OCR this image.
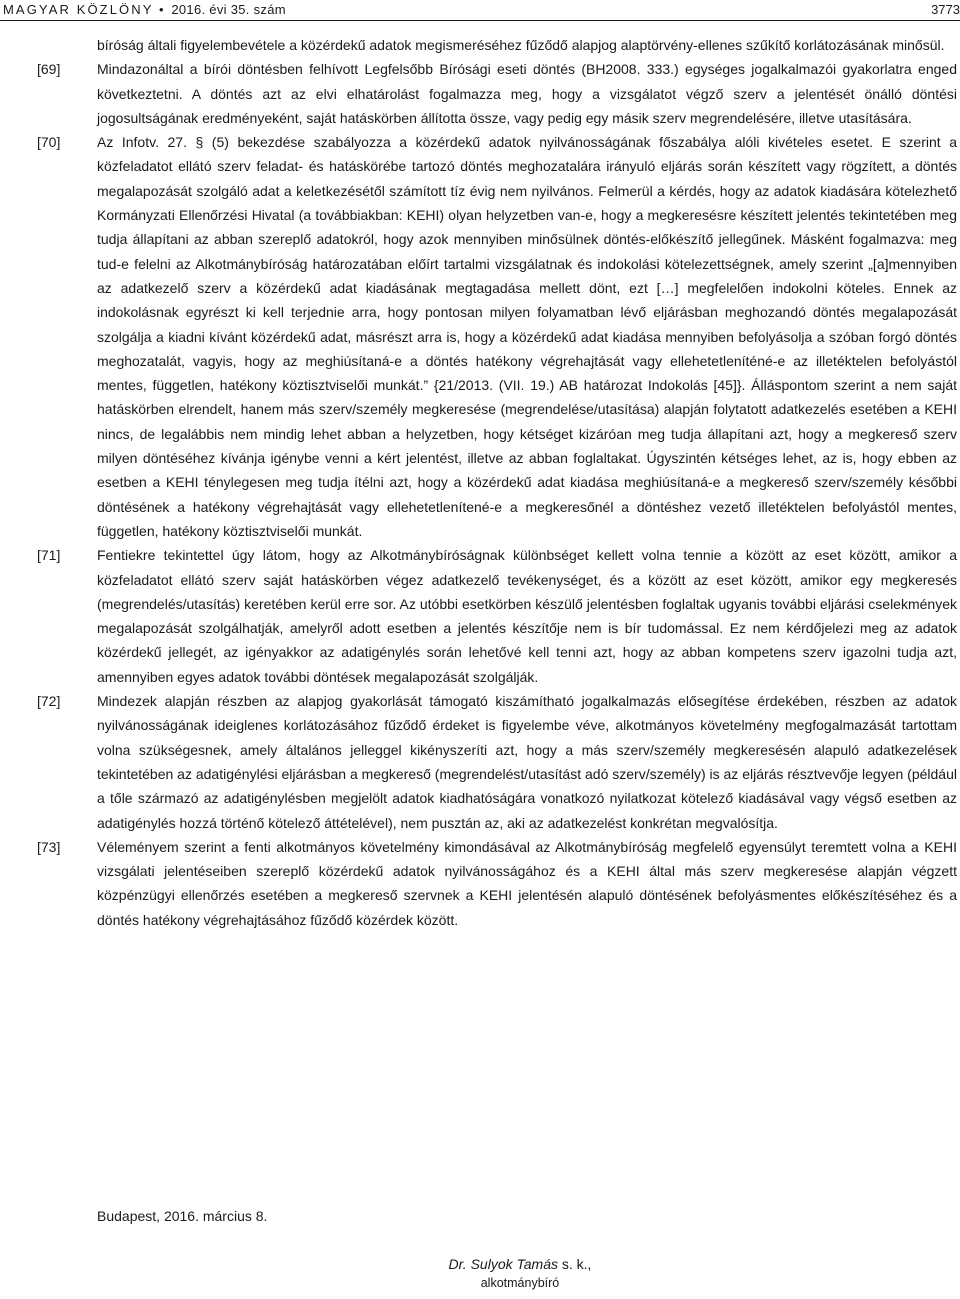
MAGYAR KÖZLÖNY • 2016. évi 35. szám	3773
bíróság általi figyelembevétele a közérdekű adatok megismeréséhez fűződő alapjog alaptörvény-ellenes szűkítő korlátozásának minősül.
[69]	Mindazonáltal a bírói döntésben felhívott Legfelsőbb Bírósági eseti döntés (BH2008. 333.) egységes jogalkalmazói gyakorlatra enged következtetni. A döntés azt az elvi elhatárolást fogalmazza meg, hogy a vizsgálatot végző szerv a jelentését önálló döntési jogosultságának eredményeként, saját hatáskörben állította össze, vagy pedig egy másik szerv megrendelésére, illetve utasítására.
[70]	Az Infotv. 27. § (5) bekezdése szabályozza a közérdekű adatok nyilvánosságának főszabálya alóli kivételes esetet. E szerint a közfeladatot ellátó szerv feladat- és hatáskörébe tartozó döntés meghozatalára irányuló eljárás során készített vagy rögzített, a döntés megalapozását szolgáló adat a keletkezésétől számított tíz évig nem nyilvános. Felmerül a kérdés, hogy az adatok kiadására kötelezhető Kormányzati Ellenőrzési Hivatal (a továbbiakban: KEHI) olyan helyzetben van-e, hogy a megkeresésre készített jelentés tekintetében meg tudja állapítani az abban szereplő adatokról, hogy azok mennyiben minősülnek döntés-előkészítő jellegűnek. Másként fogalmazva: meg tud-e felelni az Alkotmánybíróság határozatában előírt tartalmi vizsgálatnak és indokolási kötelezettségnek, amely szerint „[a]mennyiben az adatkezelő szerv a közérdekű adat kiadásának megtagadása mellett dönt, ezt […] megfelelően indokolni köteles. Ennek az indokolásnak egyrészt ki kell terjednie arra, hogy pontosan milyen folyamatban lévő eljárásban meghozandó döntés megalapozását szolgálja a kiadni kívánt közérdekű adat, másrészt arra is, hogy a közérdekű adat kiadása mennyiben befolyásolja a szóban forgó döntés meghozatalát, vagyis, hogy az meghiúsítaná-e a döntés hatékony végrehajtását vagy ellehetetleníténé-e az illetéktelen befolyástól mentes, független, hatékony köztisztviselői munkát.” {21/2013. (VII. 19.) AB határozat Indokolás [45]}. Álláspontom szerint a nem saját hatáskörben elrendelt, hanem más szerv/személy megkeresése (megrendelése/utasítása) alapján folytatott adatkezelés esetében a KEHI nincs, de legalábbis nem mindig lehet abban a helyzetben, hogy kétséget kizáróan meg tudja állapítani azt, hogy a megkereső szerv milyen döntéséhez kívánja igénybe venni a kért jelentést, illetve az abban foglaltakat. Úgyszintén kétséges lehet, az is, hogy ebben az esetben a KEHI ténylegesen meg tudja ítélni azt, hogy a közérdekű adat kiadása meghiúsítaná-e a megkereső szerv/személy későbbi döntésének a hatékony végrehajtását vagy ellehetetlenítené-e a megkeresőnél a döntéshez vezető illetéktelen befolyástól mentes, független, hatékony köztisztviselői munkát.
[71]	Fentiekre tekintettel úgy látom, hogy az Alkotmánybíróságnak különbséget kellett volna tennie a között az eset között, amikor a közfeladatot ellátó szerv saját hatáskörben végez adatkezelő tevékenységet, és a között az eset között, amikor egy megkeresés (megrendelés/utasítás) keretében kerül erre sor. Az utóbbi esetkörben készülő jelentésben foglaltak ugyanis további eljárási cselekmények megalapozását szolgálhatják, amelyről adott esetben a jelentés készítője nem is bír tudomással. Ez nem kérdőjelezi meg az adatok közérdekű jellegét, az igényakkor az adatigénylés során lehetővé kell tenni azt, hogy az abban kompetens szerv igazolni tudja azt, amennyiben egyes adatok további döntések megalapozását szolgálják.
[72]	Mindezek alapján részben az alapjog gyakorlását támogató kiszámítható jogalkalmazás elősegítése érdekében, részben az adatok nyilvánosságának ideiglenes korlátozásához fűződő érdeket is figyelembe véve, alkotmányos követelmény megfogalmazását tartottam volna szükségesnek, amely általános jelleggel kikényszeríti azt, hogy a más szerv/személy megkeresésén alapuló adatkezelések tekintetében az adatigénylési eljárásban a megkereső (megrendelést/utasítást adó szerv/személy) is az eljárás résztvevője legyen (például a tőle származó az adatigénylésben megjelölt adatok kiadhatóságára vonatkozó nyilatkozat kötelező kiadásával vagy végső esetben az adatigénylés hozzá történő kötelező áttételével), nem pusztán az, aki az adatkezelést konkrétan megvalósítja.
[73]	Véleményem szerint a fenti alkotmányos követelmény kimondásával az Alkotmánybíróság megfelelő egyensúlyt teremtett volna a KEHI vizsgálati jelentéseiben szereplő közérdekű adatok nyilvánosságához és a KEHI által más szerv megkeresése alapján végzett közpénzügyi ellenőrzés esetében a megkereső szervnek a KEHI jelentésén alapuló döntésének befolyásmentes előkészítéséhez és a döntés hatékony végrehajtásához fűződő közérdek között.
Budapest, 2016. március 8.
Dr. Sulyok Tamás s. k.,
alkotmánybíró
